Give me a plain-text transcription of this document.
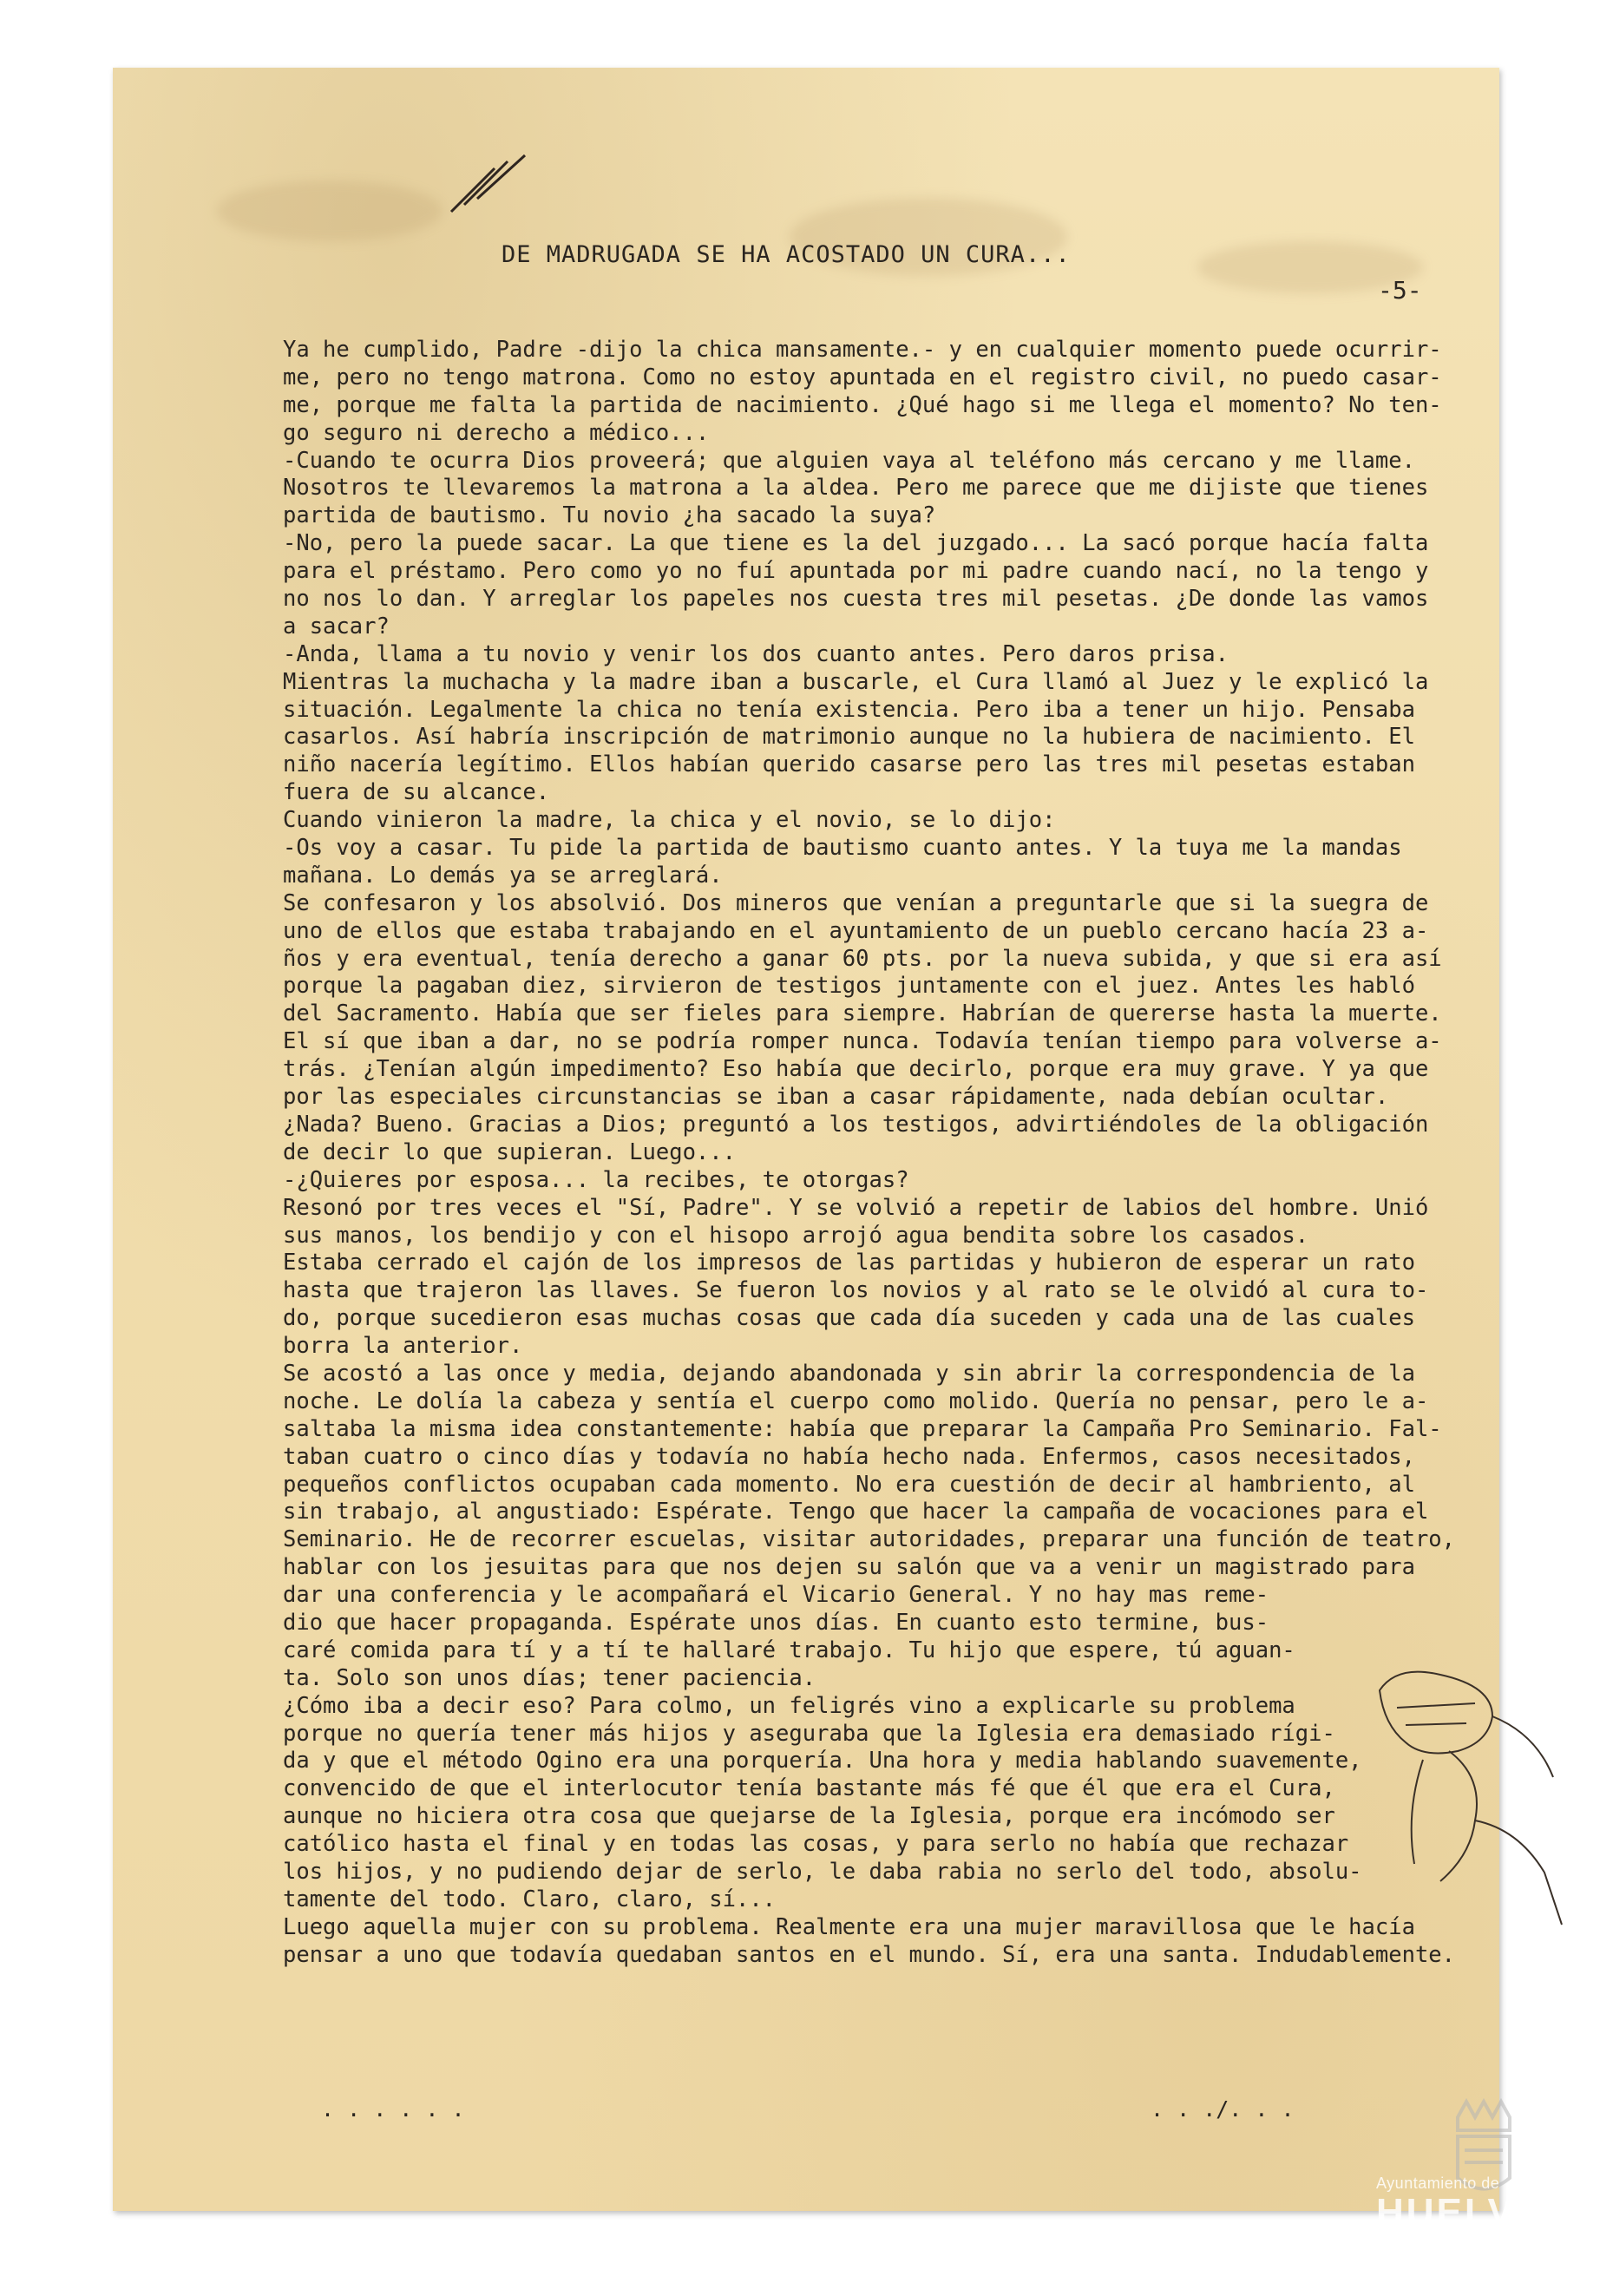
DE MADRUGADA SE HA ACOSTADO UN CURA...
-5-
Ya he cumplido, Padre -dijo la chica mansamente.- y en cualquier momento puede ocurrir-
me, pero no tengo matrona. Como no estoy apuntada en el registro civil, no puedo casar-
me, porque me falta la partida de nacimiento. ¿Qué hago si me llega el momento? No ten-
go seguro ni derecho a médico...
-Cuando te ocurra Dios proveerá; que alguien vaya al teléfono más cercano y me llame.
Nosotros te llevaremos la matrona a la aldea. Pero me parece que me dijiste que tienes
partida de bautismo. Tu novio ¿ha sacado la suya?
-No, pero la puede sacar. La que tiene es la del juzgado... La sacó porque hacía falta
para el préstamo. Pero como yo no fuí apuntada por mi padre cuando nací, no la tengo y
no nos lo dan. Y arreglar los papeles nos cuesta tres mil pesetas. ¿De donde las vamos
a sacar?
-Anda, llama a tu novio y venir los dos cuanto antes. Pero daros prisa.
Mientras la muchacha y la madre iban a buscarle, el Cura llamó al Juez y le explicó la
situación. Legalmente la chica no tenía existencia. Pero iba a tener un hijo. Pensaba
casarlos. Así habría inscripción de matrimonio aunque no la hubiera de nacimiento. El
niño nacería legítimo. Ellos habían querido casarse pero las tres mil pesetas estaban
fuera de su alcance.
Cuando vinieron la madre, la chica y el novio, se lo dijo:
-Os voy a casar. Tu pide la partida de bautismo cuanto antes. Y la tuya me la mandas
mañana. Lo demás ya se arreglará.
Se confesaron y los absolvió. Dos mineros que venían a preguntarle que si la suegra de
uno de ellos que estaba trabajando en el ayuntamiento de un pueblo cercano hacía 23 a-
ños y era eventual, tenía derecho a ganar 60 pts. por la nueva subida, y que si era así
porque la pagaban diez, sirvieron de testigos juntamente con el juez. Antes les habló
del Sacramento. Había que ser fieles para siempre. Habrían de quererse hasta la muerte.
El sí que iban a dar, no se podría romper nunca. Todavía tenían tiempo para volverse a-
trás. ¿Tenían algún impedimento? Eso había que decirlo, porque era muy grave. Y ya que
por las especiales circunstancias se iban a casar rápidamente, nada debían ocultar.
¿Nada? Bueno. Gracias a Dios; preguntó a los testigos, advirtiéndoles de la obligación
de decir lo que supieran. Luego...
-¿Quieres por esposa... la recibes, te otorgas?
Resonó por tres veces el "Sí, Padre". Y se volvió a repetir de labios del hombre. Unió
sus manos, los bendijo y con el hisopo arrojó agua bendita sobre los casados.
Estaba cerrado el cajón de los impresos de las partidas y hubieron de esperar un rato
hasta que trajeron las llaves. Se fueron los novios y al rato se le olvidó al cura to-
do, porque sucedieron esas muchas cosas que cada día suceden y cada una de las cuales
borra la anterior.
Se acostó a las once y media, dejando abandonada y sin abrir la correspondencia de la
noche. Le dolía la cabeza y sentía el cuerpo como molido. Quería no pensar, pero le a-
saltaba la misma idea constantemente: había que preparar la Campaña Pro Seminario. Fal-
taban cuatro o cinco días y todavía no había hecho nada. Enfermos, casos necesitados,
pequeños conflictos ocupaban cada momento. No era cuestión de decir al hambriento, al
sin trabajo, al angustiado: Espérate. Tengo que hacer la campaña de vocaciones para el
Seminario. He de recorrer escuelas, visitar autoridades, preparar una función de teatro,
hablar con los jesuitas para que nos dejen su salón que va a venir un magistrado para
dar una conferencia y le acompañará el Vicario General. Y no hay mas reme-
dio que hacer propaganda. Espérate unos días. En cuanto esto termine, bus-
caré comida para tí y a tí te hallaré trabajo. Tu hijo que espere, tú aguan-
ta. Solo son unos días; tener paciencia.
¿Cómo iba a decir eso? Para colmo, un feligrés vino a explicarle su problema
porque no quería tener más hijos y aseguraba que la Iglesia era demasiado rígi-
da y que el método Ogino era una porquería. Una hora y media hablando suavemente,
convencido de que el interlocutor tenía bastante más fé que él que era el Cura,
aunque no hiciera otra cosa que quejarse de la Iglesia, porque era incómodo ser
católico hasta el final y en todas las cosas, y para serlo no había que rechazar
los hijos, y no pudiendo dejar de serlo, le daba rabia no serlo del todo, absolu-
tamente del todo. Claro, claro, sí...
Luego aquella mujer con su problema. Realmente era una mujer maravillosa que le hacía
pensar a uno que todavía quedaban santos en el mundo. Sí, era una santa. Indudablemente.
. . . . . .	. . ./. . .
Ayuntamiento de
HUELVA
